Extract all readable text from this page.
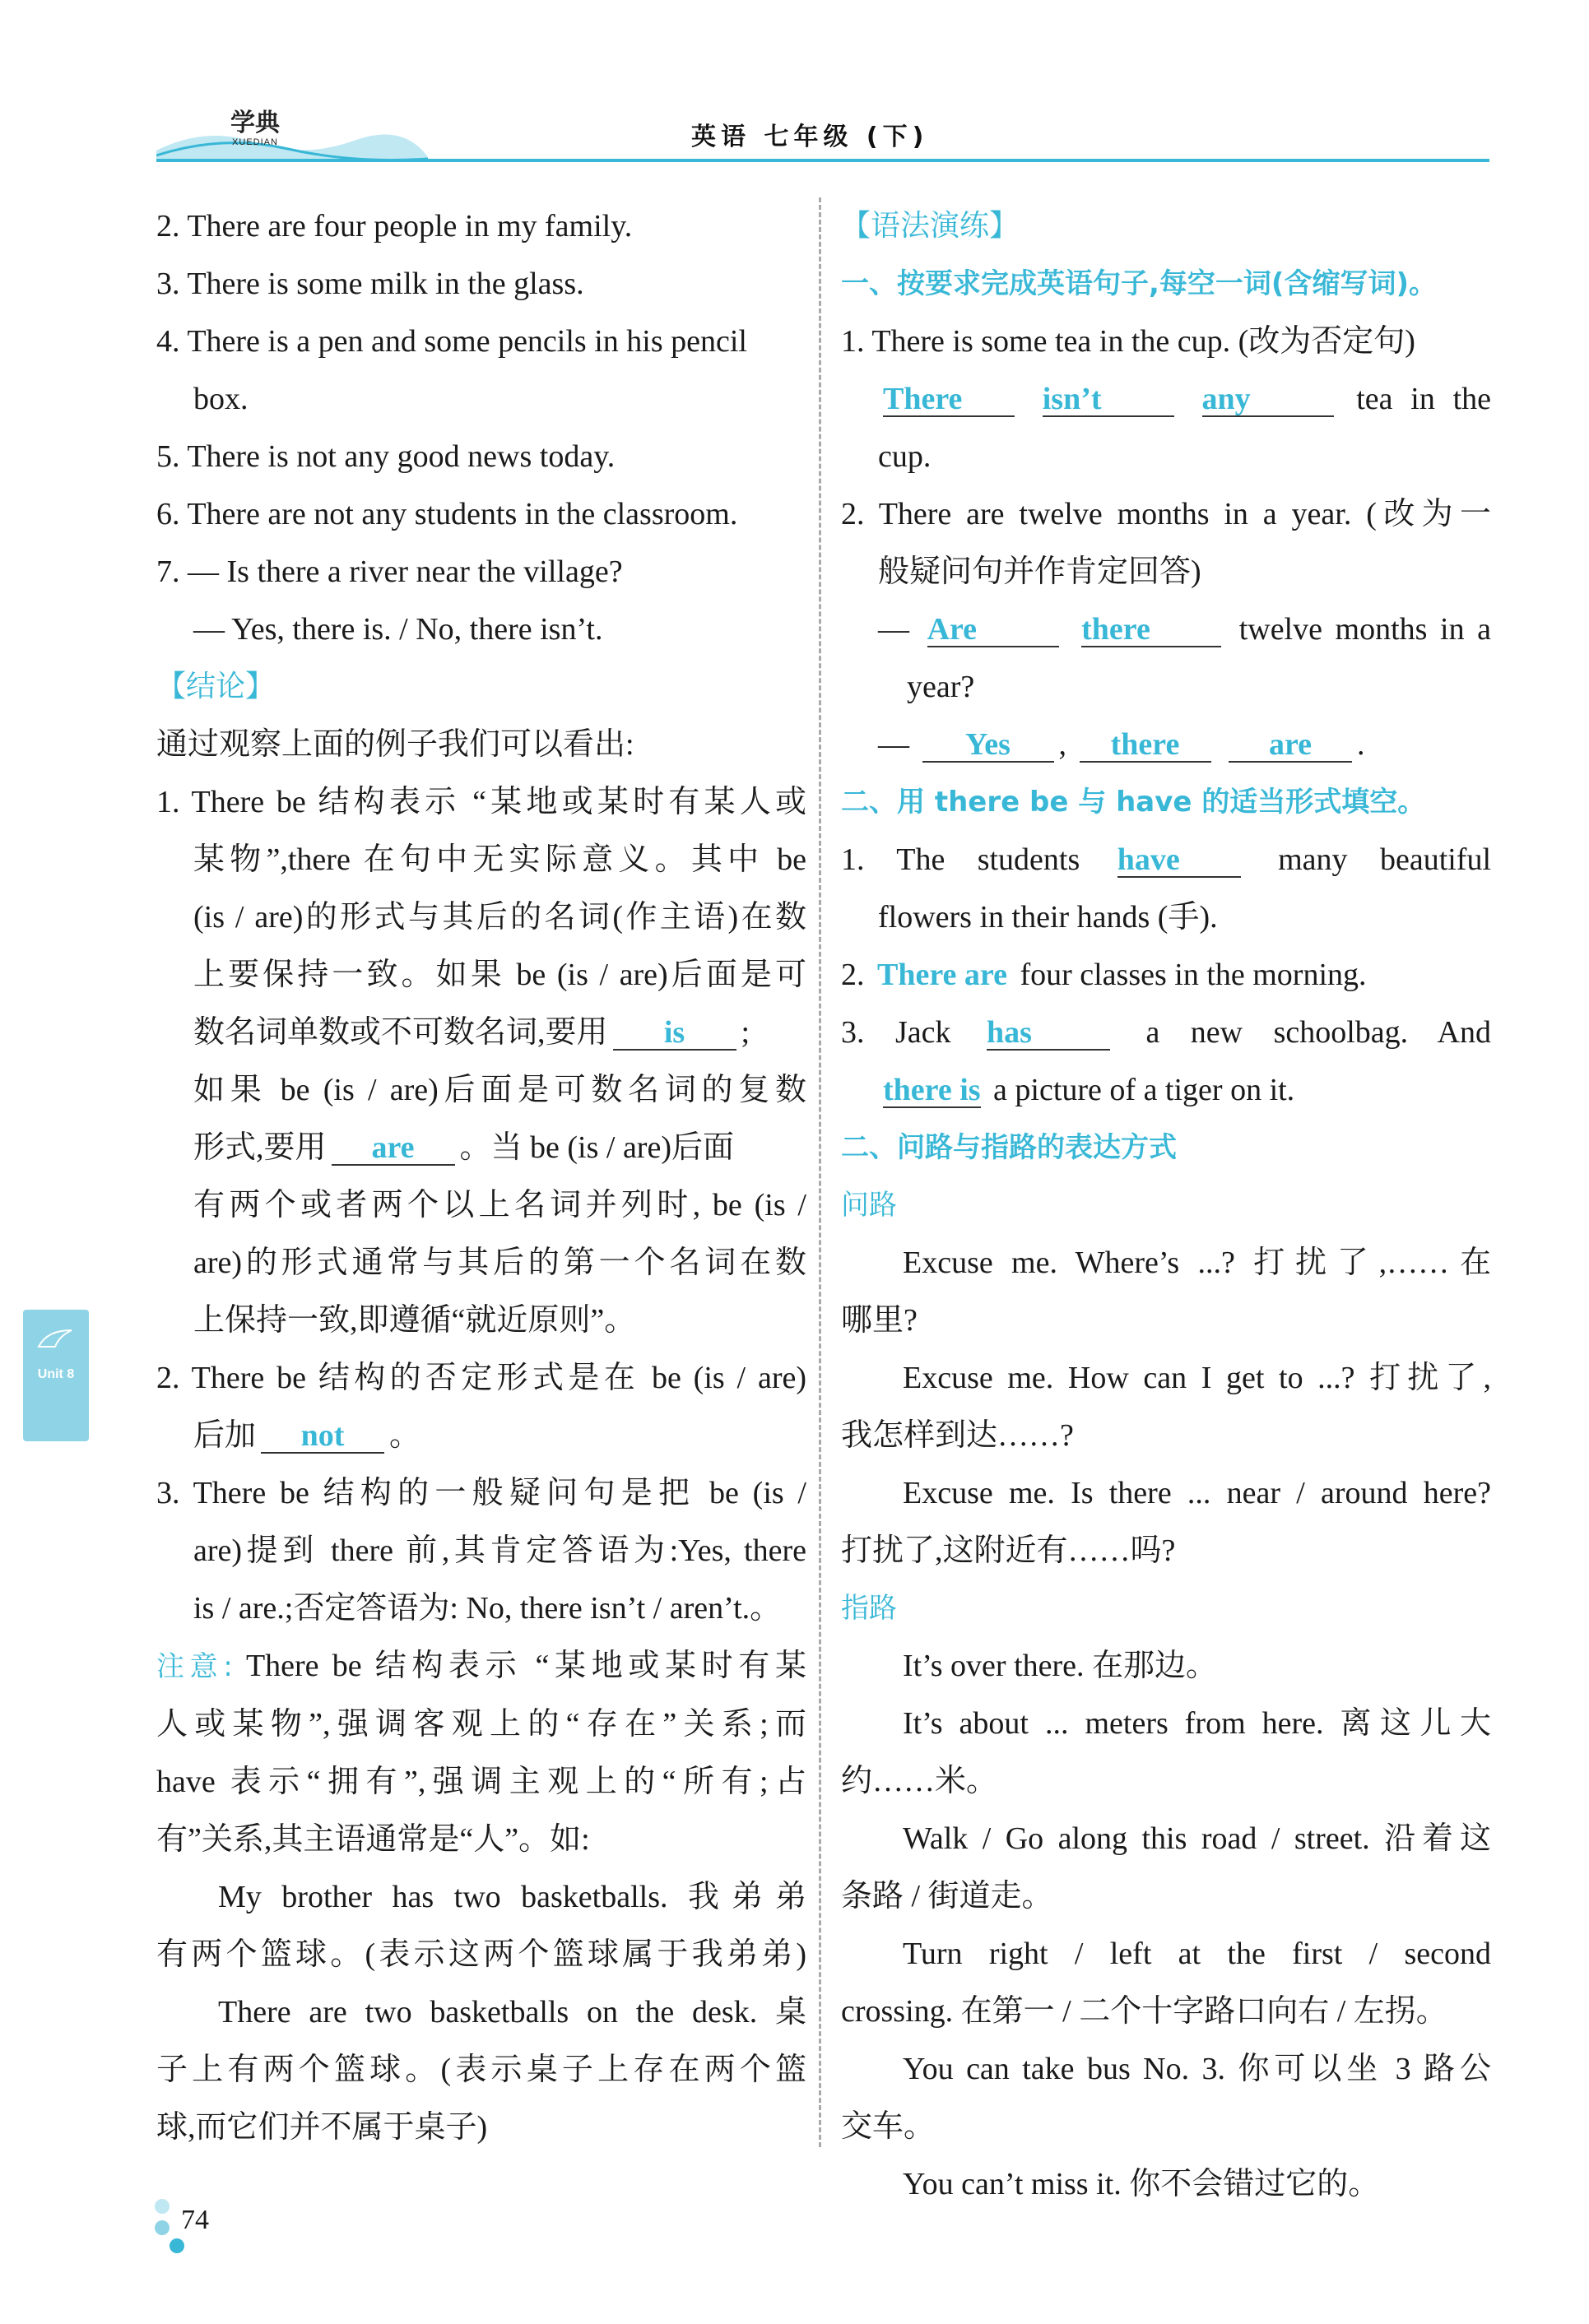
学典
XUEDIAN	英语 七年级 (下)

2. There are four people in my family.

3. There is some milk in the glass.

4. There is a pen and some pencils in his pencil

box.

5. There is not any good news today.

6. There are not any students in the classroom.

7. — Is there a river near the village?

— Yes, there is. / No, there isn’t.

【结论】

通过观察上面的例子我们可以看出:

1. There be 结构表示 “某地或某时有某人或

某物”,there 在句中无实际意义。其中 be

(is / are)的形式与其后的名词(作主语)在数

上要保持一致。如果 be (is / are)后面是可

数名词单数或不可数名词,要用 is ;

如果 be (is / are)后面是可数名词的复数

形式,要用 are 。当 be (is / are)后面

有两个或者两个以上名词并列时, be (is /

are)的形式通常与其后的第一个名词在数

上保持一致,即遵循“就近原则”。

2. There be 结构的否定形式是在 be (is / are)

后加 not 。

3. There be 结构的一般疑问句是把 be (is /

are)提到 there 前,其肯定答语为:Yes, there

is / are.;否定答语为: No, there isn’t / aren’t.。

注意: There be 结构表示 “某地或某时有某

人或某物”,强调客观上的“存在”关系;而

have 表示“拥有”,强调主观上的“所有;占

有”关系,其主语通常是“人”。如:

My brother has two basketballs. 我弟弟

有两个篮球。(表示这两个篮球属于我弟弟)

There are two basketballs on the desk. 桌

子上有两个篮球。(表示桌子上存在两个篮

球,而它们并不属于桌子)

【语法演练】

一、按要求完成英语句子,每空一词(含缩写词)。

1. There is some tea in the cup. (改为否定句)

There	isn’t	any	tea in the

cup.

2. There are twelve months in a year. (改为一

般疑问句并作肯定回答)

— Are	there	twelve months in a

year?

— Yes , there	are .

二、用 there be 与 have 的适当形式填空。

1. The students have	many beautiful

flowers in their hands (手).

2. There are four classes in the morning.

3. Jack has	a new schoolbag. And

there is a picture of a tiger on it.

二、问路与指路的表达方式

问路

Excuse me. Where’s ...? 打扰了,……在

哪里?

Excuse me. How can I get to ...? 打扰了,

我怎样到达……?

Excuse me. Is there ... near / around here?

打扰了,这附近有……吗?

指路

It’s over there. 在那边。

It’s about ... meters from here. 离这儿大

约……米。

Walk / Go along this road / street. 沿着这

条路 / 街道走。

Turn right / left at the first / second

crossing. 在第一 / 二个十字路口向右 / 左拐。

You can take bus No. 3. 你可以坐 3 路公

交车。

You can’t miss it. 你不会错过它的。

Unit 8
74
